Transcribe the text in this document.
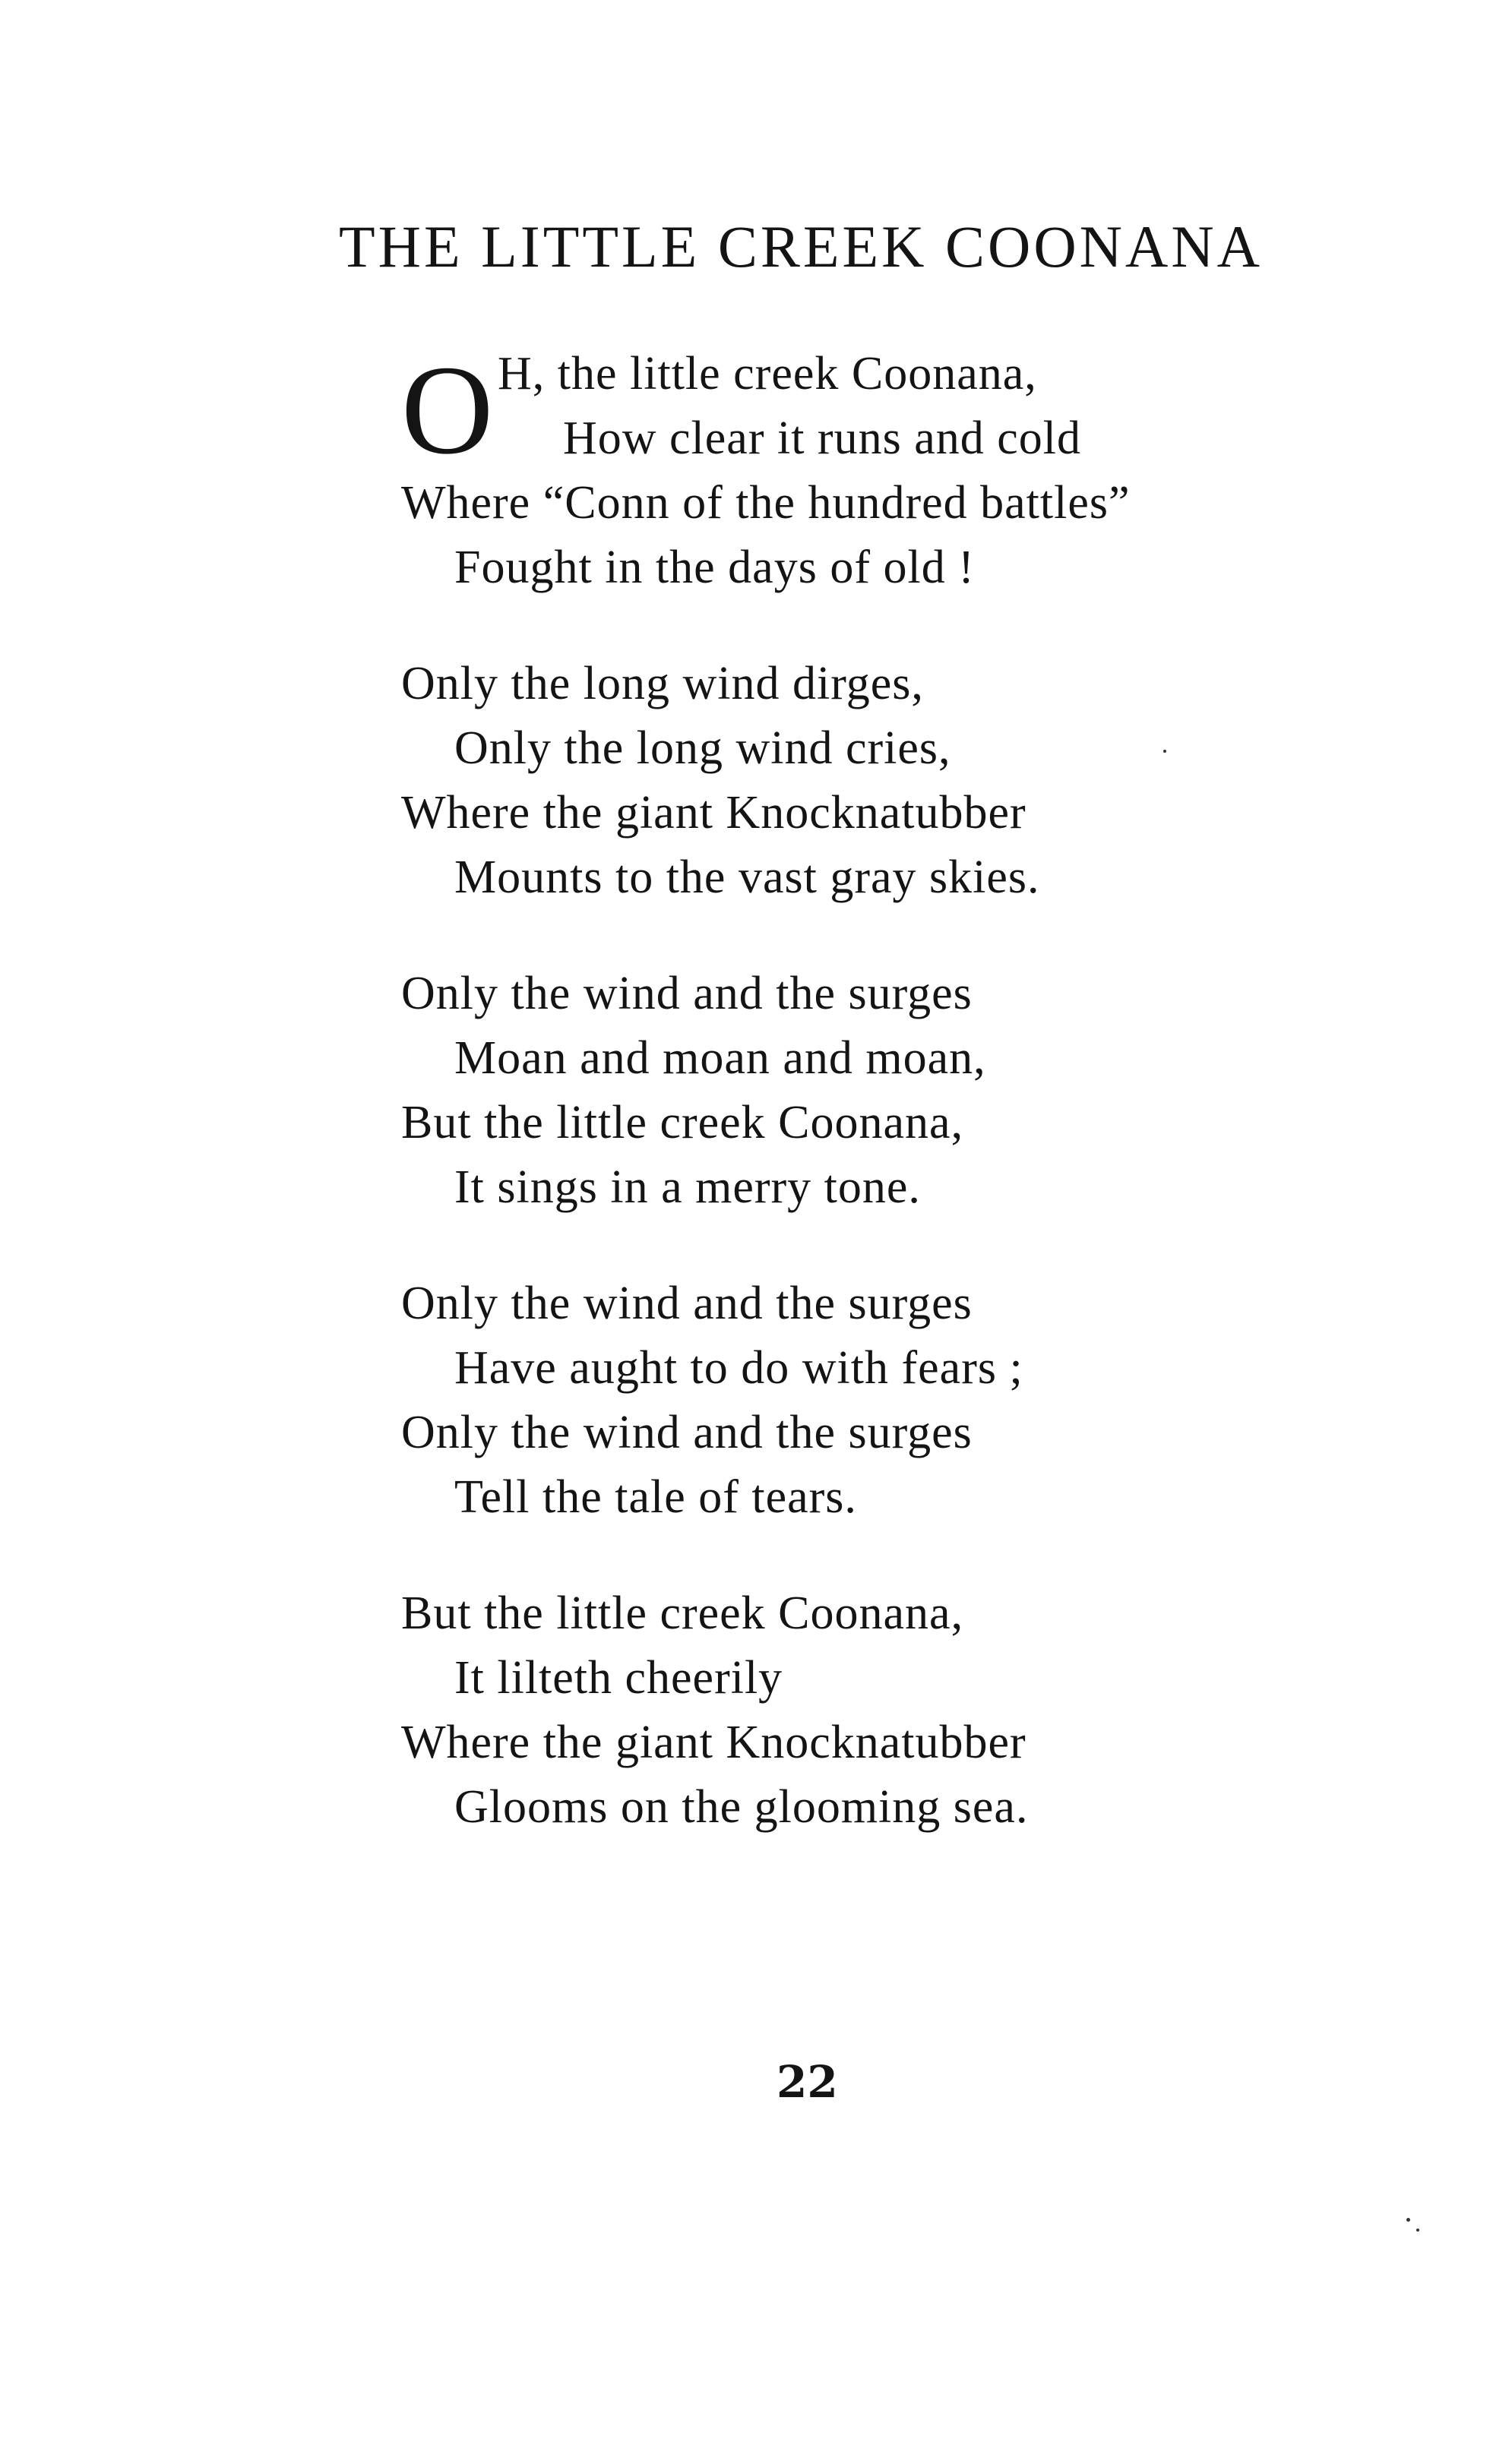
THE LITTLE CREEK COONANA
O H, the little creek Coonana,
How clear it runs and cold
Where “Conn of the hundred battles”
Fought in the days of old !
Only the long wind dirges,
Only the long wind cries,
Where the giant Knocknatubber
Mounts to the vast gray skies.
Only the wind and the surges
Moan and moan and moan,
But the little creek Coonana,
It sings in a merry tone.
Only the wind and the surges
Have aught to do with fears ;
Only the wind and the surges
Tell the tale of tears.
But the little creek Coonana,
It lilteth cheerily
Where the giant Knocknatubber
Glooms on the glooming sea.
22
